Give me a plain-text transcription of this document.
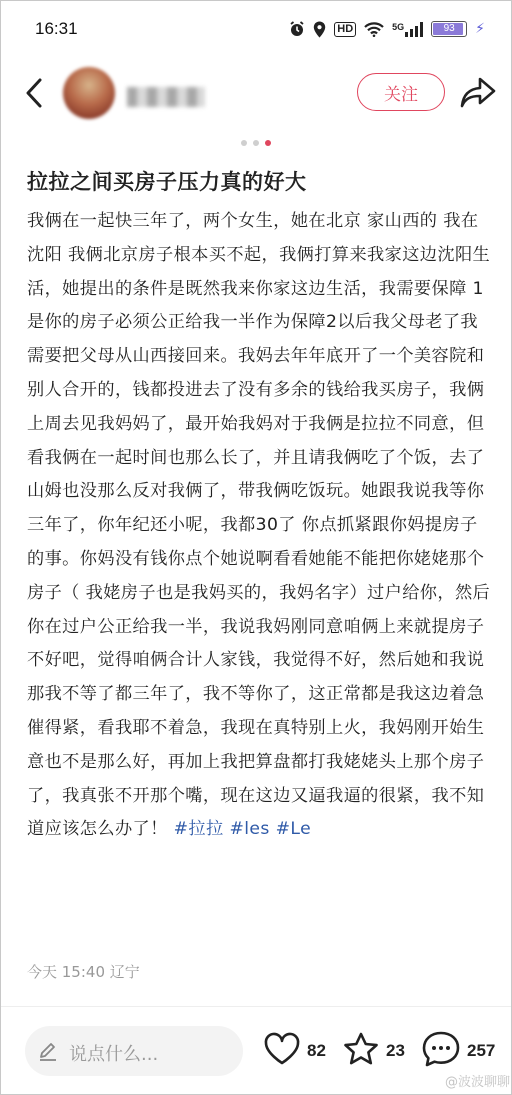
16:31	HD	5G	93	⚡
关注
拉拉之间买房子压力真的好大
我俩在一起快三年了，两个女生，她在北京 家山西的 我在沈阳 我俩北京房子根本买不起，我俩打算来我家这边沈阳生活，她提出的条件是既然我来你家这边生活，我需要保障 1是你的房子必须公正给我一半作为保障2以后我父母老了我需要把父母从山西接回来。我妈去年年底开了一个美容院和别人合开的，钱都投进去了没有多余的钱给我买房子，我俩上周去见我妈妈了，最开始我妈对于我俩是拉拉不同意，但看我俩在一起时间也那么长了，并且请我俩吃了个饭，去了山姆也没那么反对我俩了，带我俩吃饭玩。她跟我说我等你三年了，你年纪还小呢，我都30了 你点抓紧跟你妈提房子的事。你妈没有钱你点个她说啊看看她能不能把你姥姥那个房子（ 我姥房子也是我妈买的，我妈名字）过户给你，然后你在过户公正给我一半，我说我妈刚同意咱俩上来就提房子不好吧，觉得咱俩合计人家钱，我觉得不好，然后她和我说那我不等了都三年了，我不等你了，这正常都是我这边着急催得紧，看我耶不着急，我现在真特别上火，我妈刚开始生意也不是那么好，再加上我把算盘都打我姥姥头上那个房子了，我真张不开那个嘴，现在这边又逼我逼的很紧，我不知道应该怎么办了！ #拉拉 #les #Le
今天 15:40 辽宁
说点什么...	82	23	257
@波波聊聊
